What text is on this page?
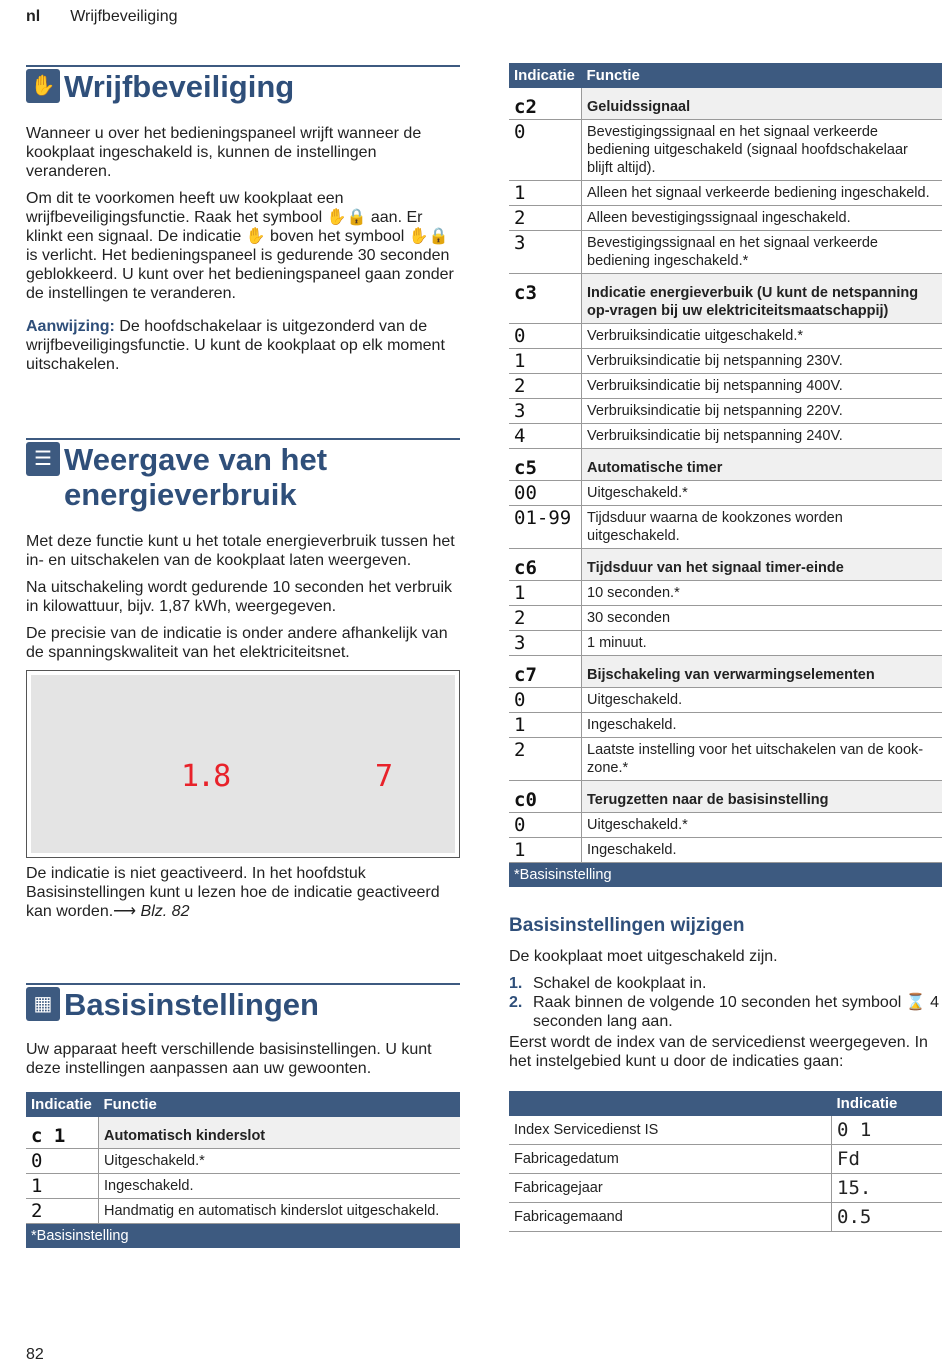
nl Wrijfbeveiliging
✋ Wrijfbeveiliging

Wanneer u over het bedieningspaneel wrijft wanneer de kookplaat ingeschakeld is, kunnen de instellingen veranderen.

Om dit te voorkomen heeft uw kookplaat een wrijfbeveiligingsfunctie. Raak het symbool ✋🔒 aan. Er klinkt een signaal. De indicatie ✋ boven het symbool ✋🔒 is verlicht. Het bedieningspaneel is gedurende 30 seconden geblokkeerd. U kunt over het bedieningspaneel gaan zonder de instellingen te veranderen.

Aanwijzing: De hoofdschakelaar is uitgezonderd van de wrijfbeveiligingsfunctie. U kunt de kookplaat op elk moment uitschakelen.

☰ Weergave van het energieverbruik

Met deze functie kunt u het totale energieverbruik tussen het in- en uitschakelen van de kookplaat laten weergeven.

Na uitschakeling wordt gedurende 10 seconden het verbruik in kilowattuur, bijv. 1,87 kWh, weergegeven.

De precisie van de indicatie is onder andere afhankelijk van de spanningskwaliteit van het elektriciteitsnet.

1.8	7

De indicatie is niet geactiveerd. In het hoofdstuk Basisinstellingen kunt u lezen hoe de indicatie geactiveerd kan worden.⟶ Blz. 82

▦ Basisinstellingen

Uw apparaat heeft verschillende basisinstellingen. U kunt deze instellingen aanpassen aan uw gewoonten.

Indicatie	Functie
c 1	Automatisch kinderslot
0	Uitgeschakeld.*
1	Ingeschakeld.
2	Handmatig en automatisch kinderslot uitgeschakeld.
*Basisinstelling	
Indicatie	Functie
c2	Geluidssignaal
0	Bevestigingssignaal en het signaal verkeerde bediening uitgeschakeld (signaal hoofdschakelaar blijft altijd).
1	Alleen het signaal verkeerde bediening ingeschakeld.
2	Alleen bevestigingssignaal ingeschakeld.
3	Bevestigingssignaal en het signaal verkeerde bediening ingeschakeld.*
c3	Indicatie energieverbuik (U kunt de netspanning op-vragen bij uw elektriciteitsmaatschappij)
0	Verbruiksindicatie uitgeschakeld.*
1	Verbruiksindicatie bij netspanning 230V.
2	Verbruiksindicatie bij netspanning 400V.
3	Verbruiksindicatie bij netspanning 220V.
4	Verbruiksindicatie bij netspanning 240V.
c5	Automatische timer
00	Uitgeschakeld.*
01-99	Tijdsduur waarna de kookzones worden uitgeschakeld.
c6	Tijdsduur van het signaal timer-einde
1	10 seconden.*
2	30 seconden
3	1 minuut.
c7	Bijschakeling van verwarmingselementen
0	Uitgeschakeld.
1	Ingeschakeld.
2	Laatste instelling voor het uitschakelen van de kook-zone.*
c0	Terugzetten naar de basisinstelling
0	Uitgeschakeld.*
1	Ingeschakeld.
*Basisinstelling	
Basisinstellingen wijzigen

De kookplaat moet uitgeschakeld zijn.

1. Schakel de kookplaat in.
2. Raak binnen de volgende 10 seconden het symbool ⌛ 4 seconden lang aan.

Eerst wordt de index van de servicedienst weergegeven. In het instelgebied kunt u door de indicaties gaan:

	Indicatie
Index Servicedienst IS	0 1
Fabricagedatum	Fd
Fabricagejaar	15.
Fabricagemaand	0.5
82
